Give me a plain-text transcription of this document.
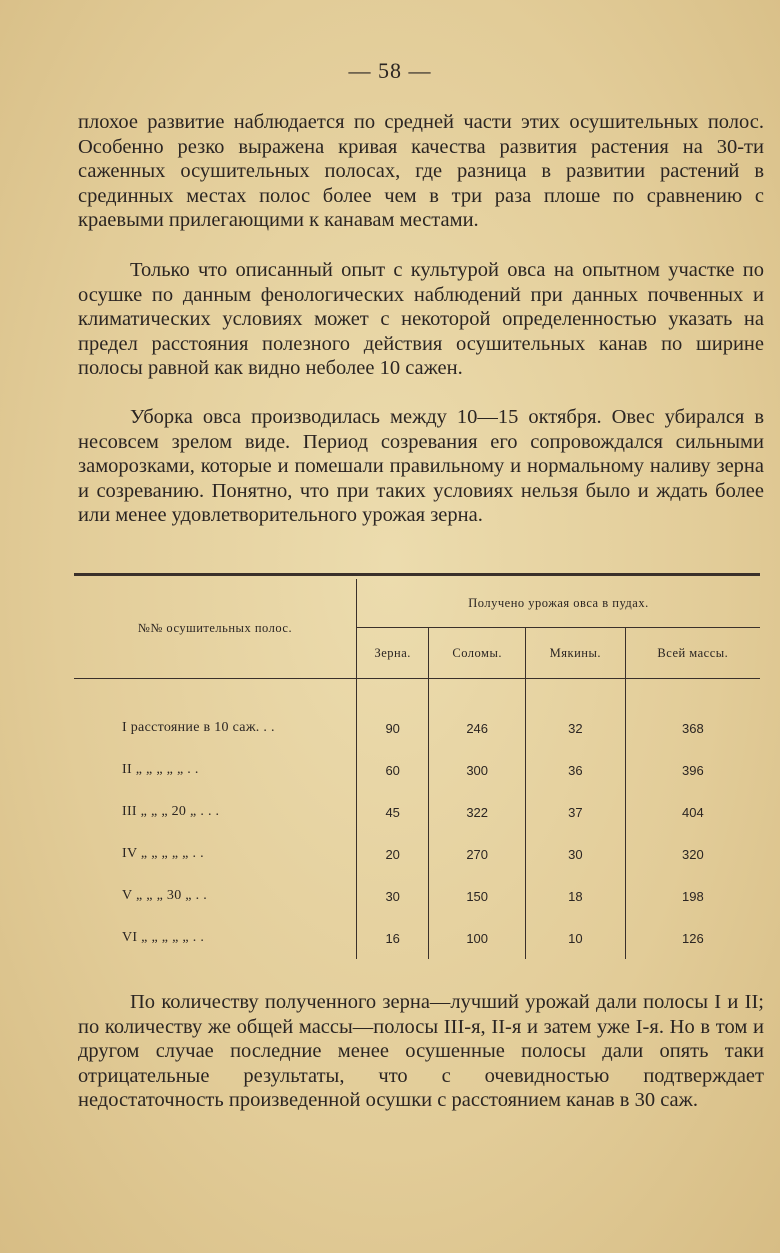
— 58 —

плохое развитие наблюдается по средней части этих осушительных полос. Особенно резко выражена кривая качества развития растения на 30-ти саженных осушительных полосах, где разница в развитии растений в срединных местах полос более чем в три раза плоше по сравнению с краевыми прилегающими к канавам местами.

Только что описанный опыт с культурой овса на опытном участке по осушке по данным фенологических наблюдений при данных почвенных и климатических условиях может с некоторой определенностью указать на предел расстояния полезного действия осушительных канав по ширине полосы равной как видно неболее 10 сажен.

Уборка овса производилась между 10—15 октября. Овес убирался в несовсем зрелом виде. Период созревания его сопровождался сильными заморозками, которые и помешали правильному и нормальному наливу зерна и созреванию. Понятно, что при таких условиях нельзя было и ждать более или менее удовлетворительного урожая зерна.

№№ осушительных полос.	Получено урожая овса в пудах.			
	Зерна.	Соломы.	Мякины.	Всей массы.

I расстояние в 10 саж. . .	90	246	32	368
II „ „ „ „ „ . .	60	300	36	396
III „ „ „ 20 „ . . .	45	322	37	404
IV „ „ „ „ „ . .	20	270	30	320
V „ „ „ 30 „ . .	30	150	18	198
VI „ „ „ „ „ . .	16	100	10	126

По количеству полученного зерна—лучший урожай дали полосы I и II; по количеству же общей массы—полосы III-я, II-я и затем уже I-я. Но в том и другом случае последние менее осушенные полосы дали опять таки отрицательные результаты, что с очевидностью подтверждает недостаточность произведенной осушки с расстоянием канав в 30 саж.
